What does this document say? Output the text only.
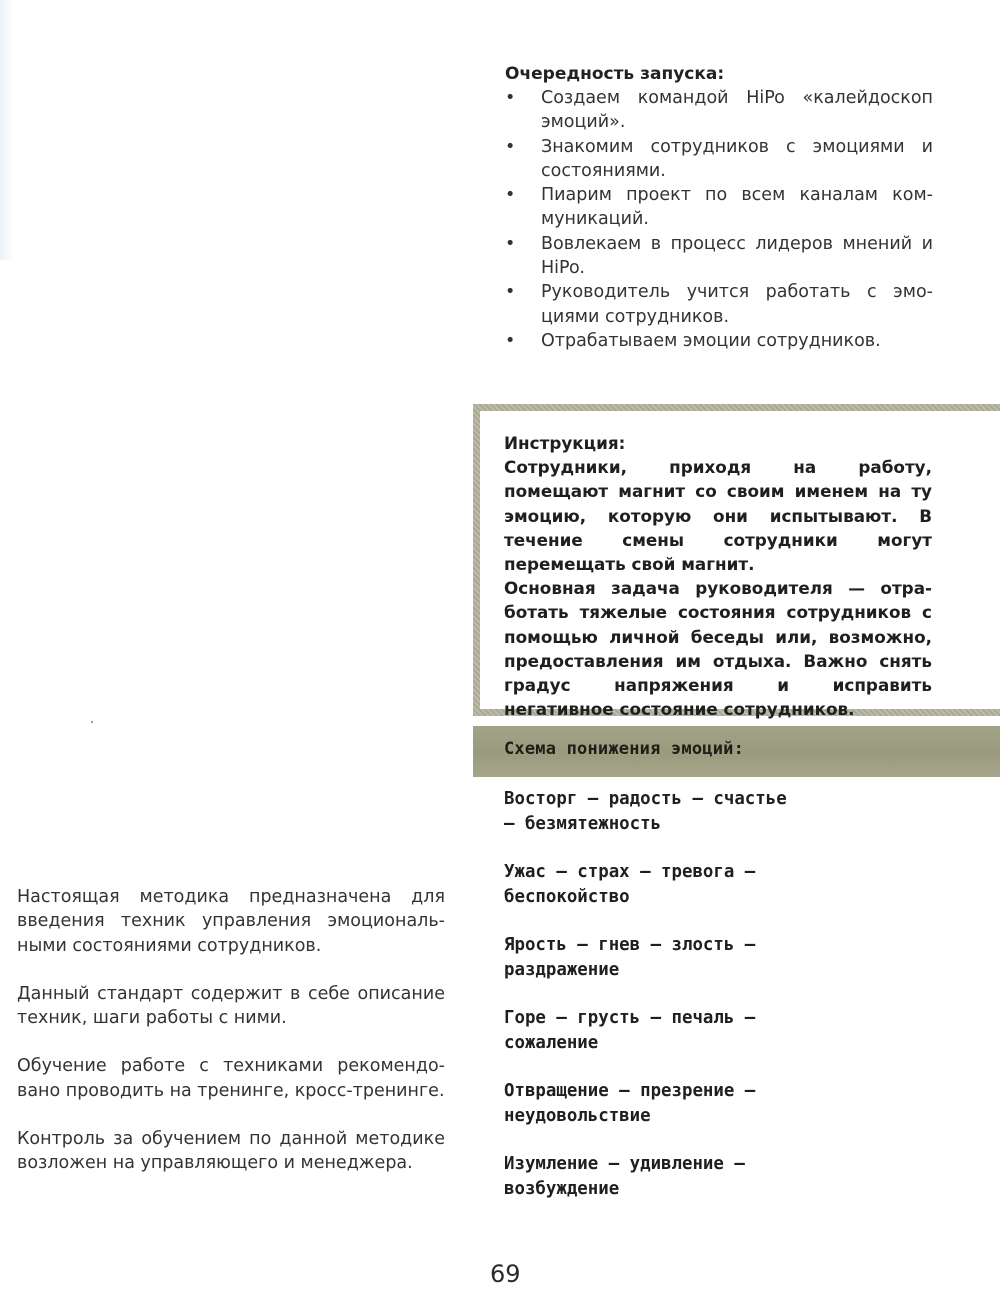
Очередность запуска:

• Создаем командой HiPo «калейдоскоп эмоций».
• Знакомим сотрудников с эмоциями и состояниями.
• Пиарим проект по всем каналам коммуникаций.
• Вовлекаем в процесс лидеров мнений и HiPo.
• Руководитель учится работать с эмоциями сотрудников.
• Отрабатываем эмоции сотрудников.

Инструкция:

Сотрудники, приходя на работу, помещают магнит со своим именем на ту эмоцию, которую они испытывают. В течение смены сотрудники могут перемещать свой магнит.

Основная задача руководителя — отработать тяжелые состояния сотрудников с помощью личной беседы или, возможно, предоставления им отдыха. Важно снять градус напряжения и исправить негативное состояние сотрудников.

Схема понижения эмоций:

Восторг — радость — счастье — безмятежность

Ужас — страх — тревога — беспокойство

Ярость — гнев — злость — раздражение

Горе — грусть — печаль — сожаление

Отвращение — презрение — неудовольствие

Изумление — удивление — возбуждение

Настоящая методика предназначена для введения техник управления эмоциональными состояниями сотрудников.

Данный стандарт содержит в себе описание техник, шаги работы с ними.

Обучение работе с техниками рекомендовано проводить на тренинге, кросс-тренинге.

Контроль за обучением по данной методике возложен на управляющего и менеджера.

69
